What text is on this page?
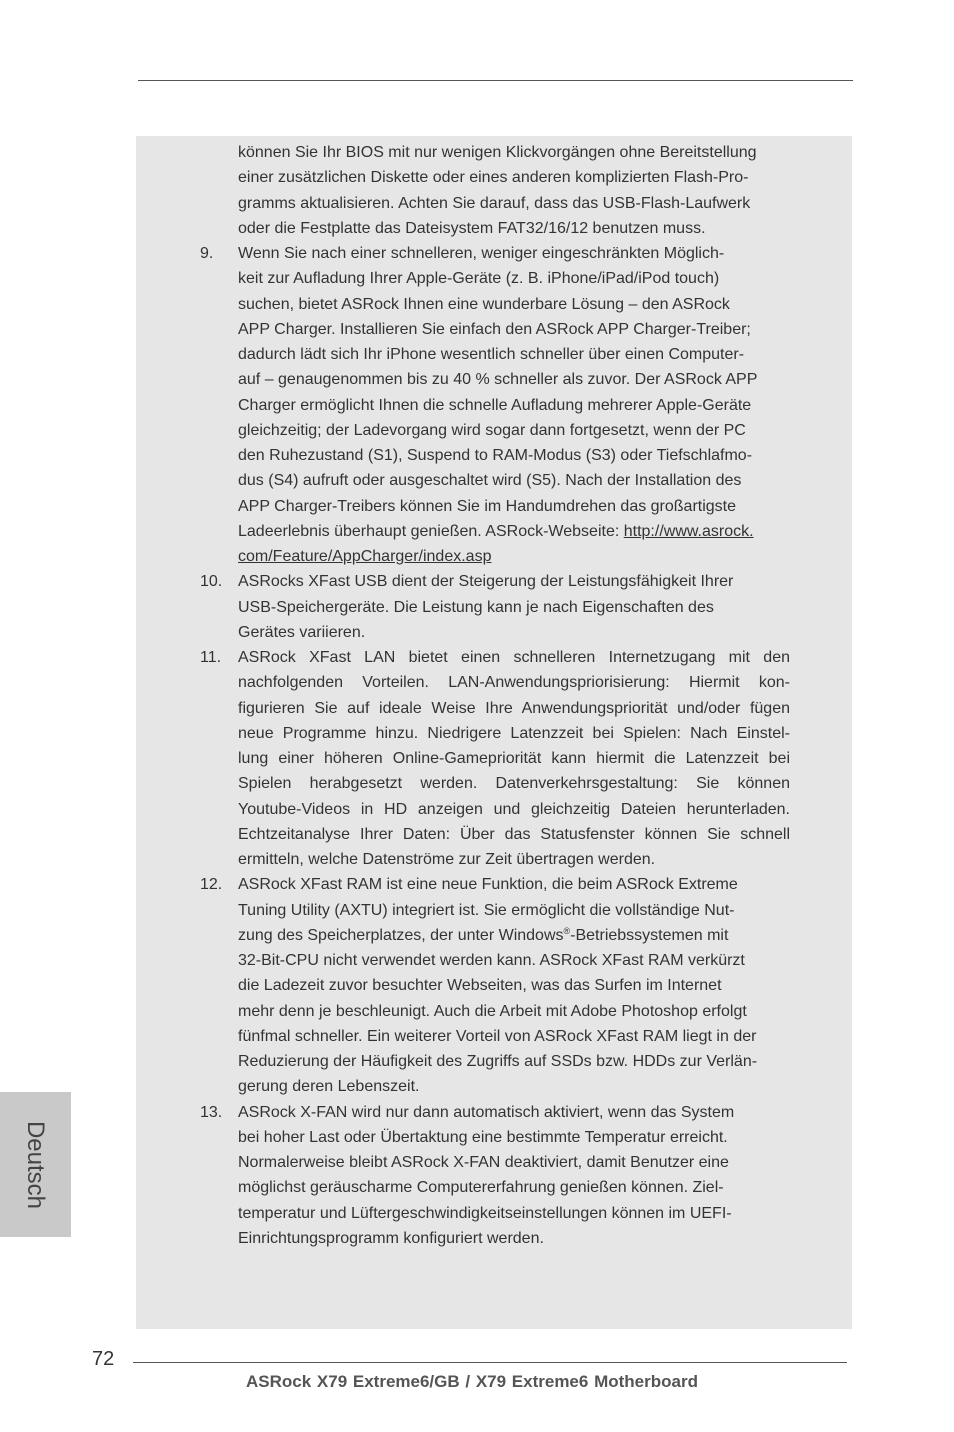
können Sie Ihr BIOS mit nur wenigen Klickvorgängen ohne Bereitstellung
einer zusätzlichen Diskette oder eines anderen komplizierten Flash-Pro-
gramms aktualisieren. Achten Sie darauf, dass das USB-Flash-Laufwerk
oder die Festplatte das Dateisystem FAT32/16/12 benutzen muss.
9.	Wenn Sie nach einer schnelleren, weniger eingeschränkten Möglich-
keit zur Aufladung Ihrer Apple-Geräte (z. B. iPhone/iPad/iPod touch)
suchen, bietet ASRock Ihnen eine wunderbare Lösung – den ASRock
APP Charger. Installieren Sie einfach den ASRock APP Charger-Treiber;
dadurch lädt sich Ihr iPhone wesentlich schneller über einen Computer-
auf – genaugenommen bis zu 40 % schneller als zuvor. Der ASRock APP
Charger ermöglicht Ihnen die schnelle Aufladung mehrerer Apple-Geräte
gleichzeitig; der Ladevorgang wird sogar dann fortgesetzt, wenn der PC
den Ruhezustand (S1), Suspend to RAM-Modus (S3) oder Tiefschlafmo-
dus (S4) aufruft oder ausgeschaltet wird (S5). Nach der Installation des
APP Charger-Treibers können Sie im Handumdrehen das großartigste
Ladeerlebnis überhaupt genießen. ASRock-Webseite: http://www.asrock.
com/Feature/AppCharger/index.asp
10. ASRocks XFast USB dient der Steigerung der Leistungsfähigkeit Ihrer
USB-Speichergeräte. Die Leistung kann je nach Eigenschaften des
Gerätes variieren.
11.	ASRock XFast LAN bietet einen schnelleren Internetzugang mit den
nachfolgenden Vorteilen. LAN-Anwendungspriorisierung: Hiermit kon-
figurieren Sie auf ideale Weise Ihre Anwendungspriorität und/oder fügen
neue Programme hinzu. Niedrigere Latenzzeit bei Spielen: Nach Einstel-
lung einer höheren Online-Gamepriorität kann hiermit die Latenzzeit bei
Spielen herabgesetzt werden. Datenverkehrsgestaltung: Sie können
Youtube-Videos in HD anzeigen und gleichzeitig Dateien herunterladen.
Echtzeitanalyse Ihrer Daten: Über das Statusfenster können Sie schnell
ermitteln, welche Datenströme zur Zeit übertragen werden.
12. ASRock XFast RAM ist eine neue Funktion, die beim ASRock Extreme
Tuning Utility (AXTU) integriert ist. Sie ermöglicht die vollständige Nut-
zung des Speicherplatzes, der unter Windows®-Betriebssystemen mit
32-Bit-CPU nicht verwendet werden kann. ASRock XFast RAM verkürzt
die Ladezeit zuvor besuchter Webseiten, was das Surfen im Internet
mehr denn je beschleunigt. Auch die Arbeit mit Adobe Photoshop erfolgt
fünfmal schneller. Ein weiterer Vorteil von ASRock XFast RAM liegt in der
Reduzierung der Häufigkeit des Zugriffs auf SSDs bzw. HDDs zur Verlän-
gerung deren Lebenszeit.
13. ASRock X-FAN wird nur dann automatisch aktiviert, wenn das System
bei hoher Last oder Übertaktung eine bestimmte Temperatur erreicht.
Normalerweise bleibt ASRock X-FAN deaktiviert, damit Benutzer eine
möglichst geräuscharme Computererfahrung genießen können. Ziel-
temperatur und Lüftergeschwindigkeitseinstellungen können im UEFI-
Einrichtungsprogramm konfiguriert werden.
Deutsch
72
ASRock X79 Extreme6/GB / X79 Extreme6 Motherboard
